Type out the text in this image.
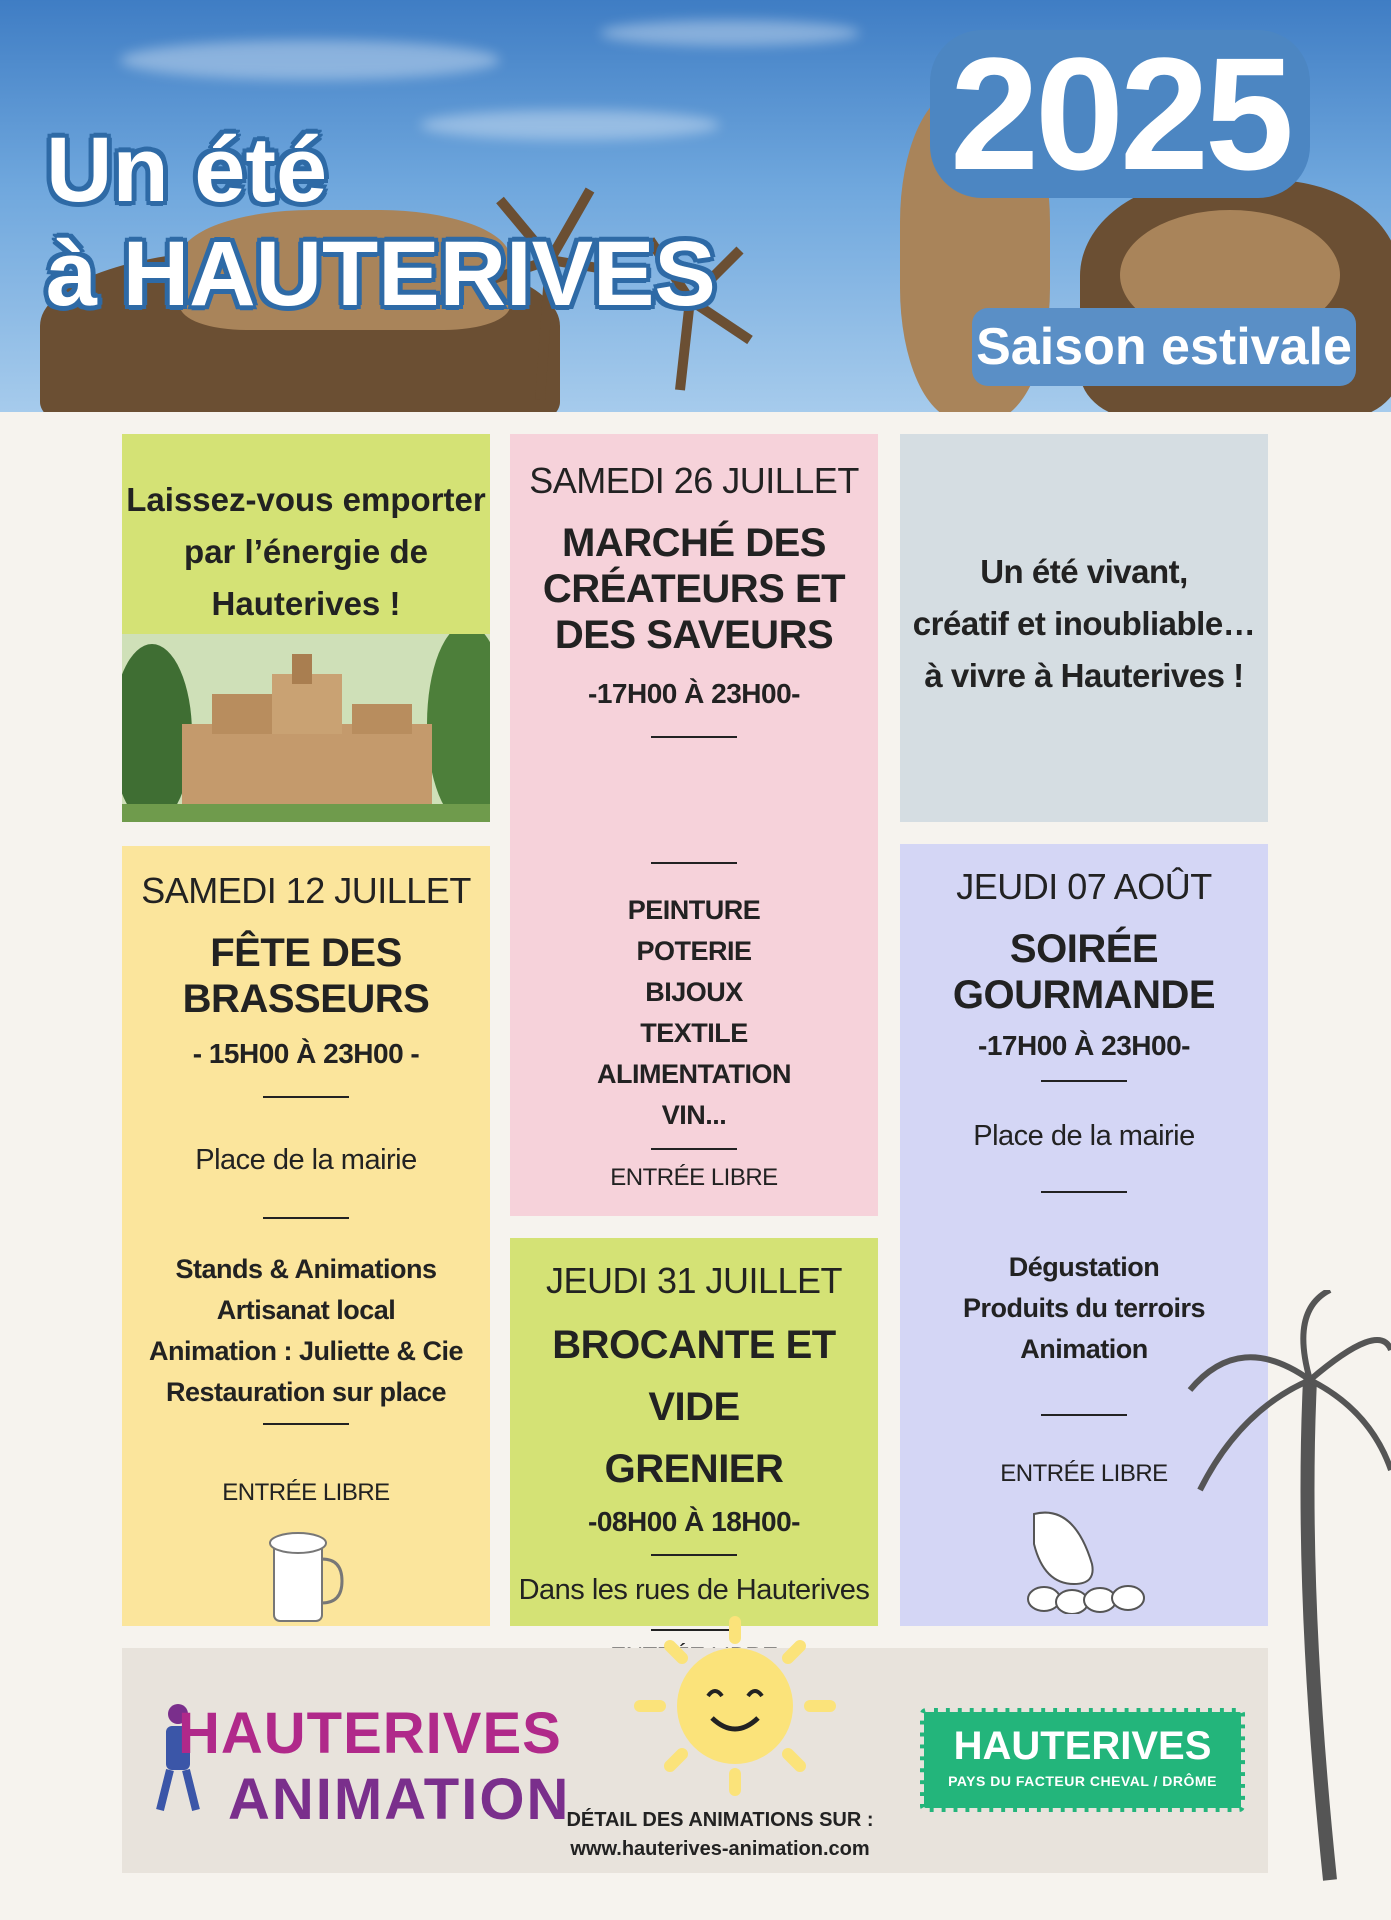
Un été
à HAUTERIVES
2025
Saison estivale
Laissez-vous emporter
par l’énergie de
Hauterives !
SAMEDI 26 JUILLET
MARCHÉ DES
CRÉATEURS ET
DES SAVEURS
-17H00 À 23H00-
PEINTURE
POTERIE
BIJOUX
TEXTILE
ALIMENTATION
VIN...
ENTRÉE LIBRE
Un été vivant,
créatif et inoubliable…
à vivre à Hauterives !
SAMEDI 12 JUILLET
FÊTE DES
BRASSEURS
- 15H00 À 23H00 -
Place de la mairie
Stands & Animations
Artisanat local
Animation : Juliette & Cie
Restauration sur place
ENTRÉE LIBRE
JEUDI 31 JUILLET
BROCANTE ET VIDE
GRENIER
-08H00 À 18H00-
Dans les rues de Hauterives
JEUDI 07 AOÛT
SOIRÉE
GOURMANDE
-17H00 À 23H00-
Place de la mairie
Dégustation
Produits du terroirs
Animation
ENTRÉE LIBRE
HAUTERIVES
ANIMATION
DÉTAIL DES ANIMATIONS SUR :
www.hauterives-animation.com
HAUTERIVES
PAYS DU FACTEUR CHEVAL / DRÔME
